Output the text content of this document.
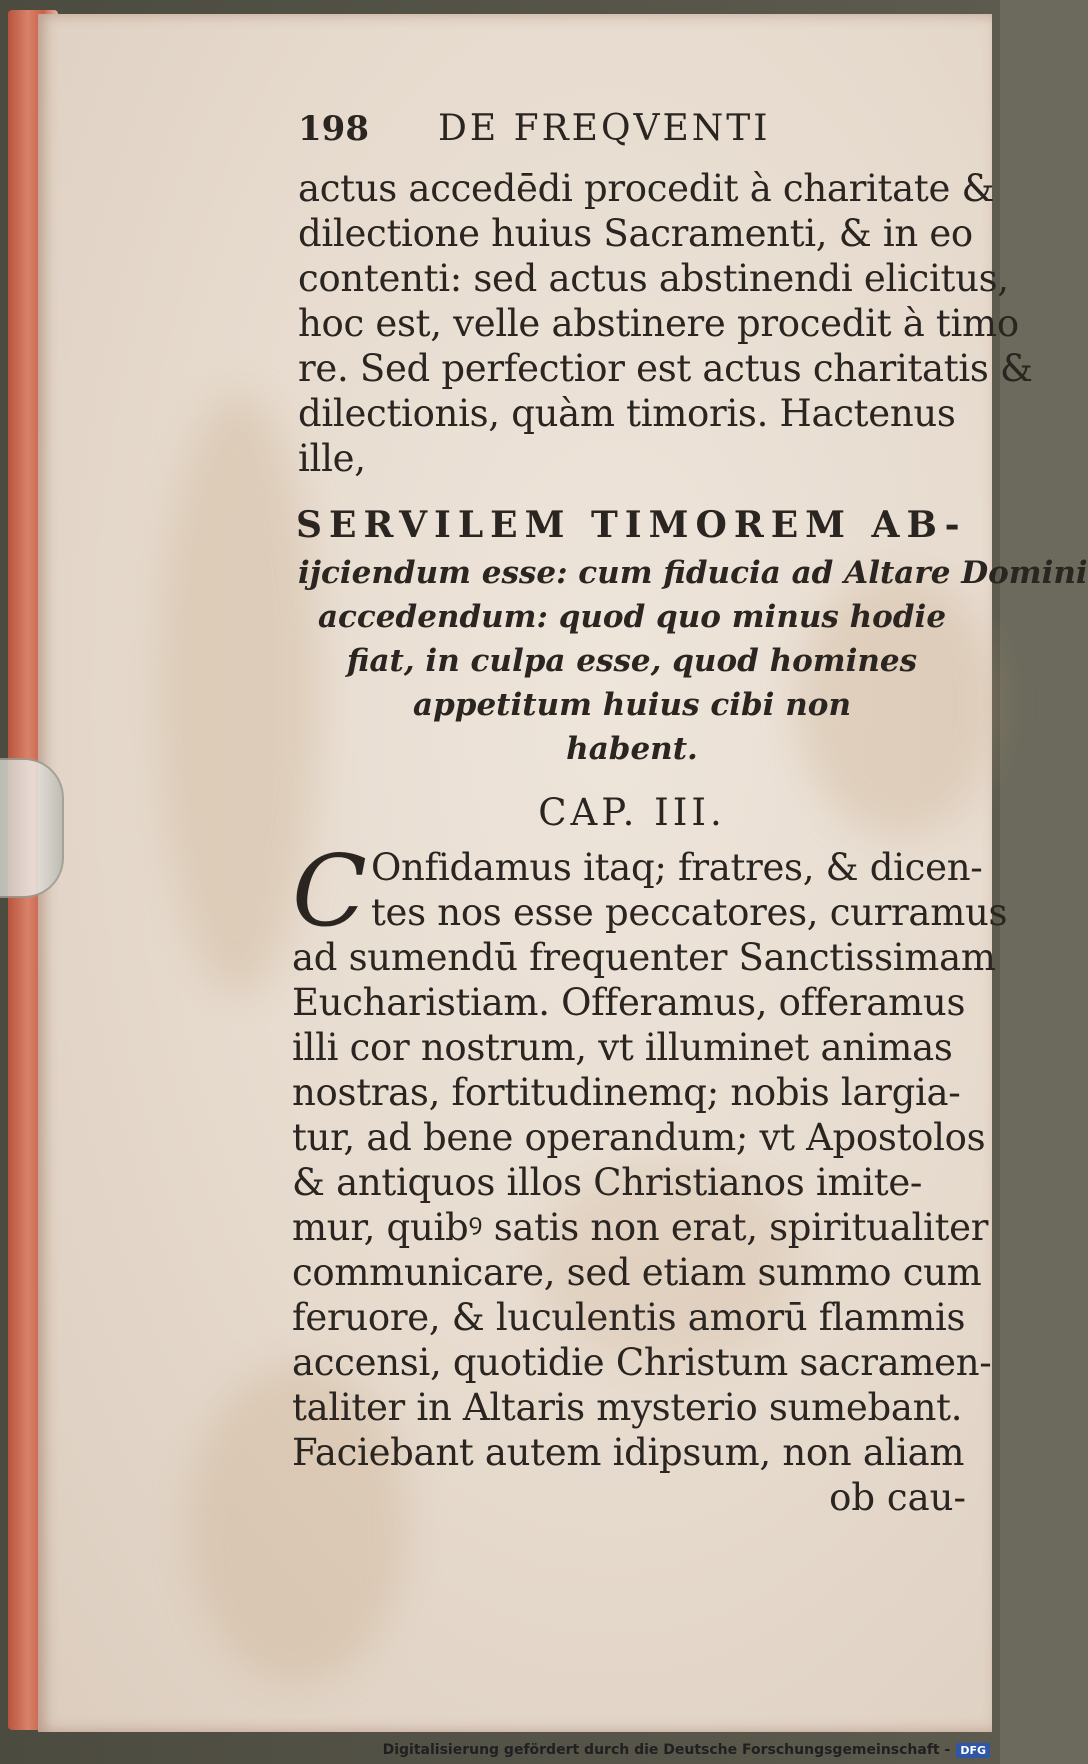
198	DE FREQVENTI
actus accedēdi procedit à charitate &
dilectione huius Sacramenti, & in eo
contenti: sed actus abstinendi elicitus,
hoc est, velle abstinere procedit à timo
re. Sed perfectior est actus charitatis &
dilectionis, quàm timoris. Hactenus
ille,
SERVILEM TIMOREM AB-
ijciendum esse: cum fiducia ad Altare Domini
accedendum: quod quo minus hodie
fiat, in culpa esse, quod homines
appetitum huius cibi non
habent.
CAP. III.
C Onfidamus itaq; fratres, & dicen-
tes nos esse peccatores, curramus
ad sumendū frequenter Sanctissimam
Eucharistiam. Offeramus, offeramus
illi cor nostrum, vt illuminet animas
nostras, fortitudinemq; nobis largia-
tur, ad bene operandum; vt Apostolos
& antiquos illos Christianos imite-
mur, quibꝰ satis non erat, spiritualiter
communicare, sed etiam summo cum
feruore, & luculentis amorū flammis
accensi, quotidie Christum sacramen-
taliter in Altaris mysterio sumebant.
Faciebant autem idipsum, non aliam
ob cau-
Digitalisierung gefördert durch die Deutsche Forschungsgemeinschaft - DFG
